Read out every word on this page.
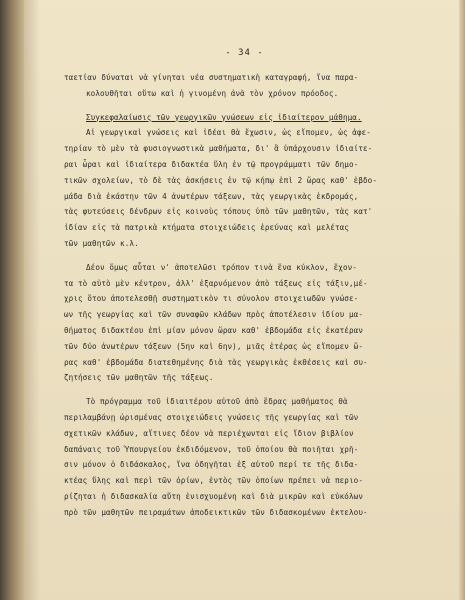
- 34 -
ταετίαν δύναται νὰ γίνηται νέα συστηματικὴ καταγραφή, ἵνα παρα-
κολουθῆται οὕτω καὶ ἡ γινομένη ἀνὰ τὸν χρόνον πρόοδος.
Συγκεφαλαίωσις τῶν γεωργικῶν γνώσεων εἰς ἰδιαίτερον μάθημα.
Αἱ γεωργικαὶ γνώσεις καὶ ἰδέαι θὰ ἔχωσιν, ὡς εἴπομεν, ὡς ἀφε-
τηρίαν τὸ μὲν τὰ φυσιογνωστικὰ μαθήματα, δι' ἃ ὑπάρχουσιν ἰδιαίτε-
ραι ὧραι καὶ ἰδιαίτερα διδακτέα ὕλη ἐν τῷ προγράμματι τῶν δημο-
τικῶν σχολείων, τὸ δὲ τὰς ἀσκήσεις ἐν τῷ κήπῳ ἐπὶ 2 ὥρας καθ' ἑβδο-
μάδα διὰ ἑκάστην τῶν 4 ἀνωτέρων τάξεων, τὰς γεωργικὰς ἐκδρομάς,
τὰς φυτεύσεις δένδρων εἰς κοινοὺς τόπους ὑπὸ τῶν μαθητῶν, τὰς κατ'
ἰδίαν εἰς τὰ πατρικὰ κτήματα στοιχειώδεις ἐρεύνας καὶ μελέτας
τῶν μαθητῶν κ.λ.
Δέον ὅμως αὗται ν' ἀποτελῶσι τρόπον τινὰ ἕνα κύκλον, ἔχον-
τα τὸ αὐτὸ μὲν κέντρον, ἀλλ' ἐξαρνόμενον ἀπὸ τάξεως εἰς τάξιν,μέ-
χρις ὅτου ἀποτελεσθῇ συστηματικὸν τι σύνολον στοιχειωδῶν γνώσε-
ων τῆς γεωργίας καὶ τῶν συναφῶν κλάδων πρὸς ἀποτέλεσιν ἰδίου μα-
θήματος διδακτέου ἐπὶ μίαν μόνον ὥραν καθ' ἑβδομάδα εἰς ἑκατέραν
τῶν δύο ἀνωτέρων τάξεων (5ην καὶ 6ην), μιᾶς ἑτέρας ὡς εἴπομεν ὥ-
ρας καθ' ἑβδομάδα διατεθημένης διὰ τὰς γεωργικὰς ἐκθέσεις καὶ συ-
ζητήσεις τῶν μαθητῶν τῆς τάξεως.
Τὸ πρόγραμμα τοῦ ἰδιαιτέρου αὐτοῦ ἀπὸ ἕδρας μαθήματος θὰ
περιλαμβάνῃ ὡρισμένας στοιχειώδεις γνώσεις τῆς γεωργίας καὶ τῶν
σχετικῶν κλάδων, αἵτινες δέον νὰ περιέχωνται εἰς ἴδιον βιβλίον
δαπάναις τοῦ Ὑπουργείου ἐκδιδόμενον, τοῦ ὁποίου θὰ ποιῆται χρῆ-
σιν μόνον ὁ διδάσκαλος, ἵνα ὁδηγῆται ἐξ αὐτοῦ περί τε τῆς διδα-
κτέας ὕλης καὶ περὶ τῶν ὁρίων, ἐντὸς τῶν ὁποίων πρέπει νὰ περιο-
ρίζηται ἡ διδασκαλία αὕτη ἐνισχυομένη καὶ διὰ μικρῶν καὶ εὐκόλων
πρὸ τῶν μαθητῶν πειραμάτων ἀποδεικτικῶν τῶν διδασκομένων ἐκτελου-
